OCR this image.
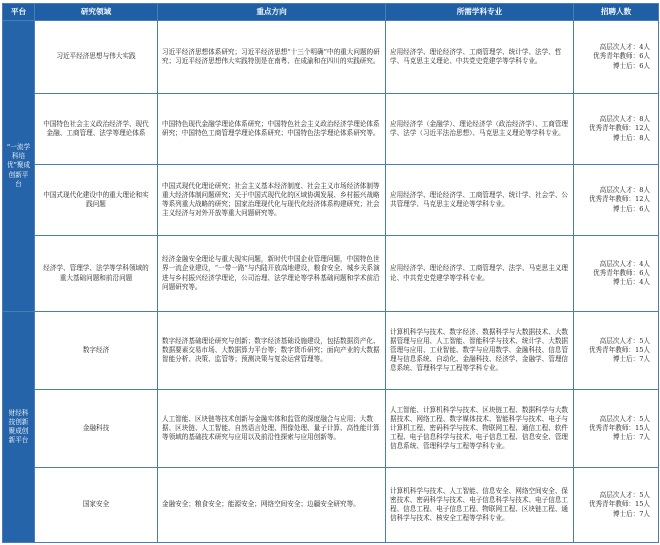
平台	研究领域	重点方向	所需学科专业	招聘人数
“一流学科培优”聚成创新平台	习近平经济思想与伟大实践	习近平经济思想体系研究；习近平经济思想“十三个明确”中的重大问题的研究；习近平经济思想伟大实践特别是在南粤、在成渝和在四川的实践研究。	应用经济学、理论经济学、工商管理学、统计学、法学、哲学、马克思主义理论、中共党史党建学等学科专业。	高层次人才：4人
优秀青年教师：6人
博士后：6人

	中国特色社会主义政治经济学、现代金融、工商管理、法学等理论体系	中国特色现代金融学理论体系研究；中国特色社会主义政治经济学理论体系研究；中国特色工商管理学理论体系研究；中国特色法学理论体系研究等。	应用经济学（金融学）、理论经济学（政治经济学）、工商管理学、法学（习近平法治思想）、马克思主义理论等学科专业。	高层次人才：8人
优秀青年教师：12人
博士后：8人

	中国式现代化建设中的重大理论和实践问题	中国式现代化理论研究；社会主义基本经济制度、社会主义市场经济体制等重大经济体制问题研究；关于中国式现代化的区域协调发展、乡村振兴战略等系列重大战略的研究；国家治理现代化与现代化经济体系构建研究；社会主义经济与对外开放等重大问题研究等。	应用经济学、理论经济学、工商管理学、统计学、社会学、公共管理学、马克思主义理论等学科专业。	高层次人才：8人
优秀青年教师：12人
博士后：6人

	经济学、管理学、法学等学科领域的重大基础问题和前沿问题	经济金融安全理论与重大现实问题，新时代中国企业管理问题，中国特色世界一流企业建设，“一带一路”与内陆开放高地建设，粮食安全、城乡关系演进与乡村振兴经济学理论，公司治理、法学理论等学科基础问题和学术前沿问题研究等。	应用经济学、理论经济学、工商管理学、法学、马克思主义理论、中共党史党建学等学科专业。	高层次人才：4人
优秀青年教师：6人
博士后：4人

财经科技创新聚成创新平台	数字经济	数字经济基础理论研究与创新；数字经济基础设施建设，包括数据资产化、数据要素交易市场、大数据算力平台等；数字货币研究；面向产业的大数据智能分析、决策、监管等；预测决策与复杂运营管理等。	计算机科学与技术、数字经济、数据科学与大数据技术、大数据管理与应用、人工智能、智能科学与技术、统计学、大数据管理与应用、工业智能、数学与应用数学、金融科技、信息管理与信息系统、自动化、金融科技、经济学、金融学、管理信息系统、管理科学与工程等学科专业。	高层次人才：5人
优秀青年教师：15人
博士后：7人

	金融科技	人工智能、区块链等技术创新与金融实体和监管的深度融合与应用；大数据、区块链、人工智能、自然语言处理、图像处理、量子计算、高性能计算等领域的基础技术研究与应用以及前沿性探索与应用创新等。	人工智能、计算机科学与技术、区块链工程、数据科学与大数据技术、网络工程、数字媒体技术、智能科学与技术、电子与计算机工程、密码科学与技术、物联网工程、通信工程、软件工程、电子信息科学与技术、电子信息工程、信息安全、管理信息系统、管理科学与工程等学科专业。	高层次人才：5人
优秀青年教师：15人
博士后：7人

	国家安全	金融安全；粮食安全；能源安全；网络空间安全；边疆安全研究等。	计算机科学与技术、人工智能、信息安全、网络空间安全、保密技术、密码科学与技术、电子信息科学与技术、电子信息工程、信息工程、电子信息工程、物联网工程、区块链工程、通信科学与技术、核安全工程等学科专业。	高层次人才：5人
优秀青年教师：15人
博士后：7人
